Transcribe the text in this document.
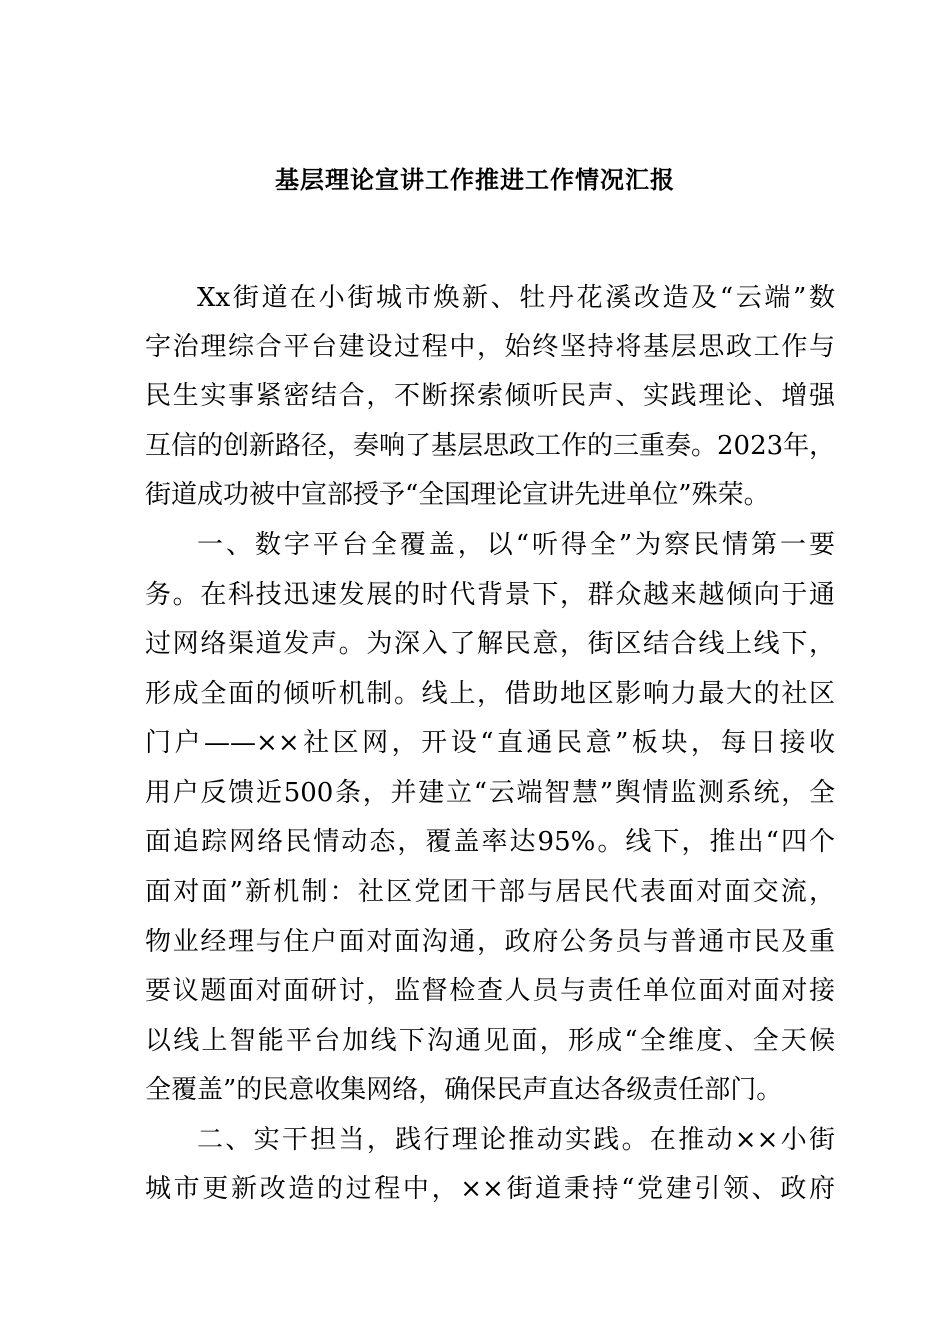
基层理论宣讲工作推进工作情况汇报
Xx街道在小街城市焕新、牡丹花溪改造及“云端”数
字治理综合平台建设过程中，始终坚持将基层思政工作与
民生实事紧密结合，不断探索倾听民声、实践理论、增强
互信的创新路径，奏响了基层思政工作的三重奏。2023年，
街道成功被中宣部授予“全国理论宣讲先进单位”殊荣。
一、数字平台全覆盖，以“听得全”为察民情第一要
务。在科技迅速发展的时代背景下，群众越来越倾向于通
过网络渠道发声。为深入了解民意，街区结合线上线下，
形成全面的倾听机制。线上，借助地区影响力最大的社区
门户——××社区网，开设“直通民意”板块，每日接收
用户反馈近500条，并建立“云端智慧”舆情监测系统，全
面追踪网络民情动态，覆盖率达95%。线下，推出“四个
面对面”新机制：社区党团干部与居民代表面对面交流，
物业经理与住户面对面沟通，政府公务员与普通市民及重
要议题面对面研讨，监督检查人员与责任单位面对面对接
以线上智能平台加线下沟通见面，形成“全维度、全天候
全覆盖”的民意收集网络，确保民声直达各级责任部门。
二、实干担当，践行理论推动实践。在推动××小街
城市更新改造的过程中，××街道秉持“党建引领、政府
